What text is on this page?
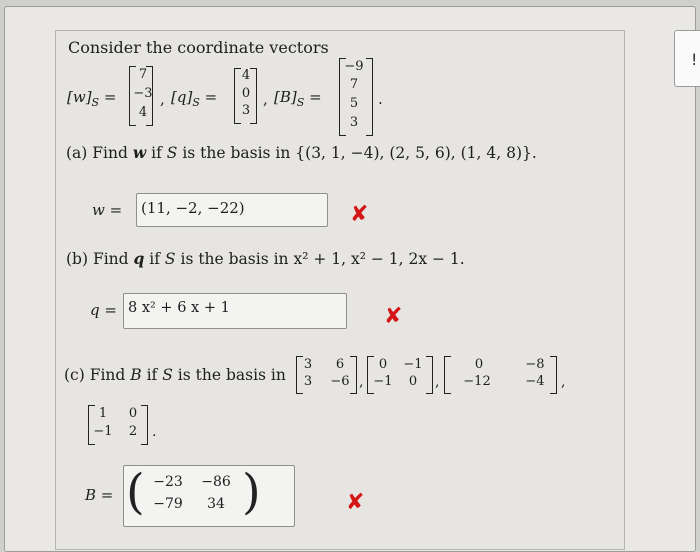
!
Consider the coordinate vectors
$[w]_S$ =
7
−3
4
, $[q]_S$ =
4
0
3
, $[B]_S$ =
−9
7
5
3
.
(a) Find w if S is the basis in {(3, 1, −4), (2, 5, 6), (1, 4, 8)}.
w = (11, −2, −22)	✘
(b) Find q if S is the basis in x² + 1, x² − 1, 2x − 1.
q = 8 x² + 6 x + 1	✘
(c) Find B if S is the basis in
3	6
3	−6 ,
0	−1
−1	0	,
0	−8
−12	−4	,
1	0
−1	2	.
B = ( )
−23 −86
−79	34	✘
